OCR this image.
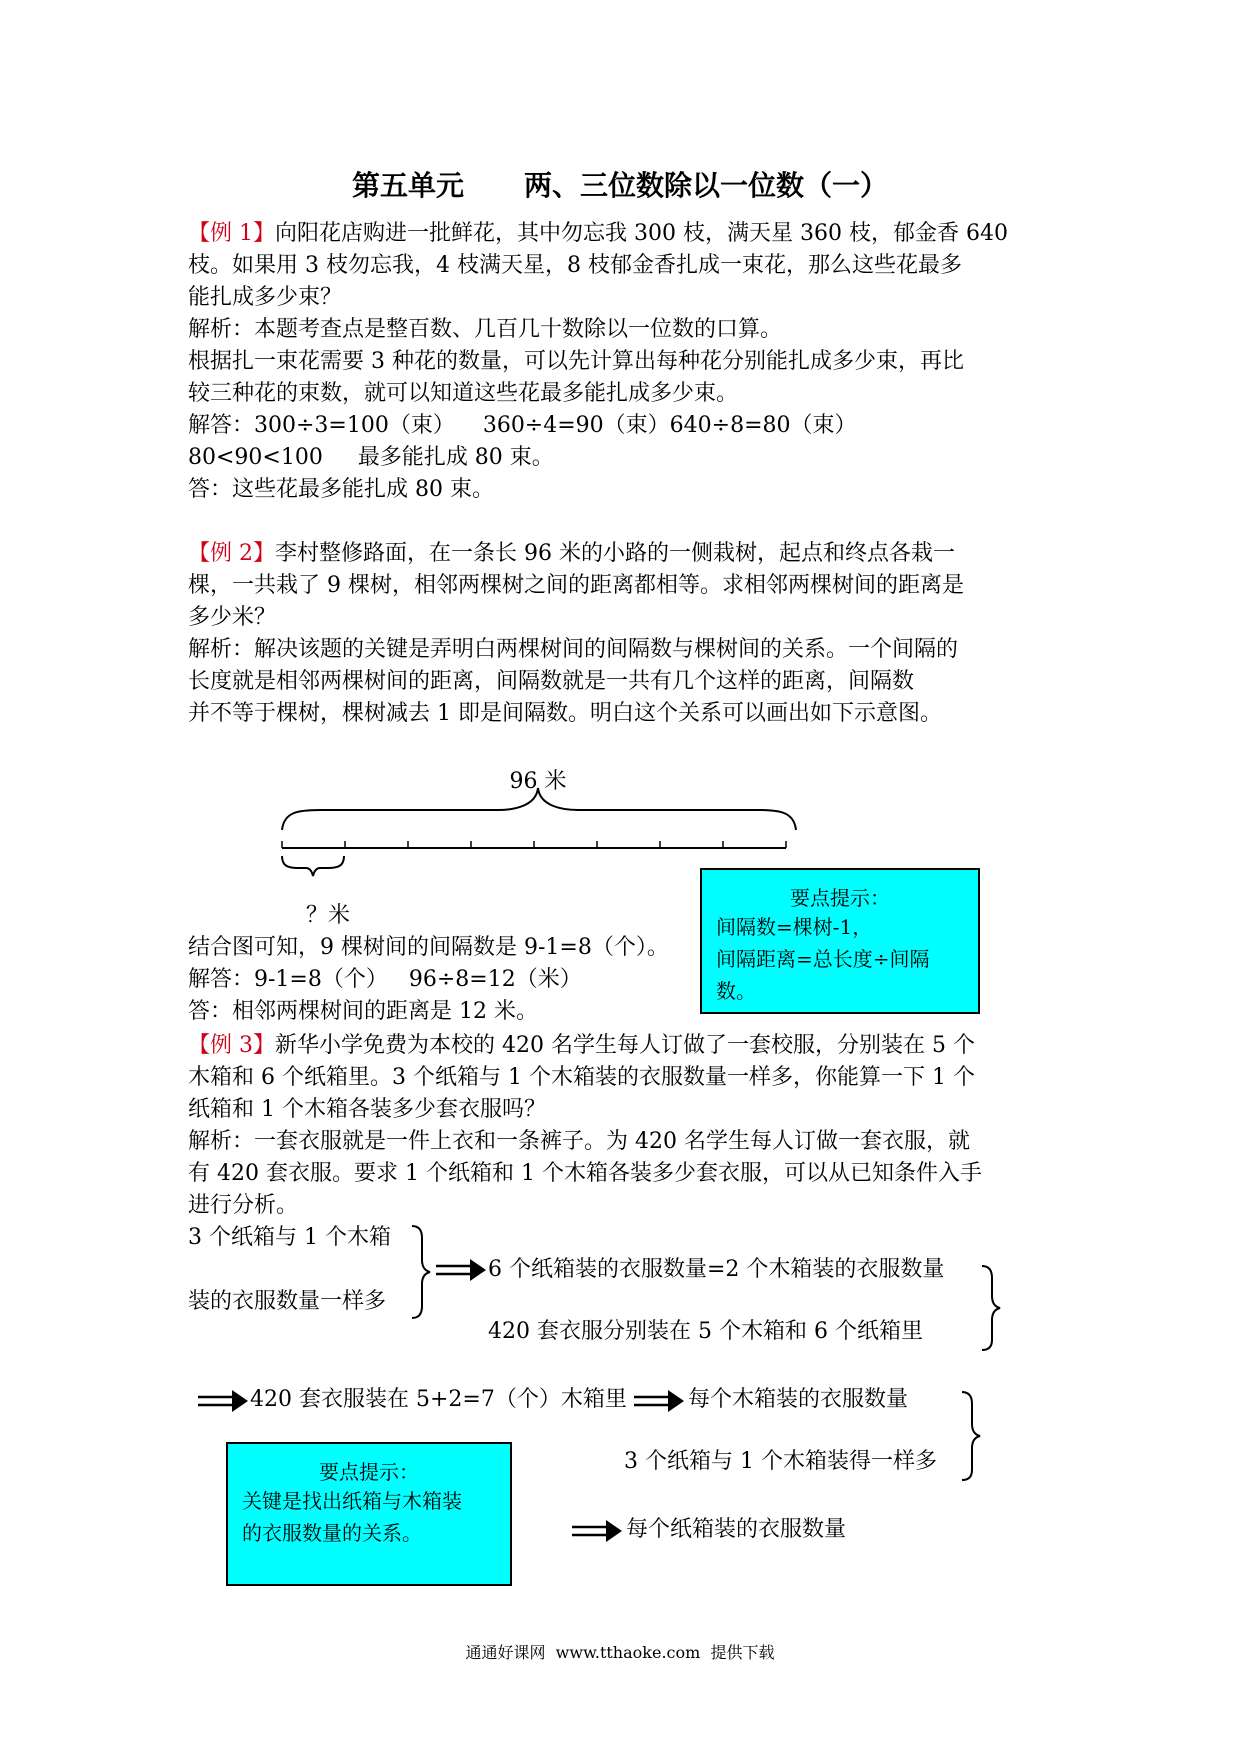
第五单元 两、三位数除以一位数（一）
【例 1】向阳花店购进一批鲜花，其中勿忘我 300 枝，满天星 360 枝，郁金香 640
枝。如果用 3 枝勿忘我，4 枝满天星，8 枝郁金香扎成一束花，那么这些花最多
能扎成多少束？
解析：本题考查点是整百数、几百几十数除以一位数的口算。
根据扎一束花需要 3 种花的数量，可以先计算出每种花分别能扎成多少束，再比
较三种花的束数，就可以知道这些花最多能扎成多少束。
解答：300÷3=100（束）    360÷4=90（束）640÷8=80（束）
80<90<100     最多能扎成 80 束。
答：这些花最多能扎成 80 束。
【例 2】李村整修路面，在一条长 96 米的小路的一侧栽树，起点和终点各栽一
棵，一共栽了 9 棵树，相邻两棵树之间的距离都相等。求相邻两棵树间的距离是
多少米？
解析：解决该题的关键是弄明白两棵树间的间隔数与棵树间的关系。一个间隔的
长度就是相邻两棵树间的距离，间隔数就是一共有几个这样的距离，间隔数
并不等于棵树，棵树减去 1 即是间隔数。明白这个关系可以画出如下示意图。
96 米
？米
要点提示：
间隔数=棵树-1，
间隔距离=总长度÷间隔
数。
结合图可知，9 棵树间的间隔数是 9-1=8（个）。
解答：9-1=8（个）   96÷8=12（米）
答：相邻两棵树间的距离是 12 米。
【例 3】新华小学免费为本校的 420 名学生每人订做了一套校服，分别装在 5 个
木箱和 6 个纸箱里。3 个纸箱与 1 个木箱装的衣服数量一样多，你能算一下 1 个
纸箱和 1 个木箱各装多少套衣服吗？
解析：一套衣服就是一件上衣和一条裤子。为 420 名学生每人订做一套衣服，就
有 420 套衣服。要求 1 个纸箱和 1 个木箱各装多少套衣服，可以从已知条件入手
进行分析。
3 个纸箱与 1 个木箱
装的衣服数量一样多
6 个纸箱装的衣服数量=2 个木箱装的衣服数量
420 套衣服分别装在 5 个木箱和 6 个纸箱里
420 套衣服装在 5+2=7（个）木箱里	每个木箱装的衣服数量
3 个纸箱与 1 个木箱装得一样多
每个纸箱装的衣服数量
要点提示：
关键是找出纸箱与木箱装
的衣服数量的关系。
通通好课网  www.tthaoke.com  提供下载
